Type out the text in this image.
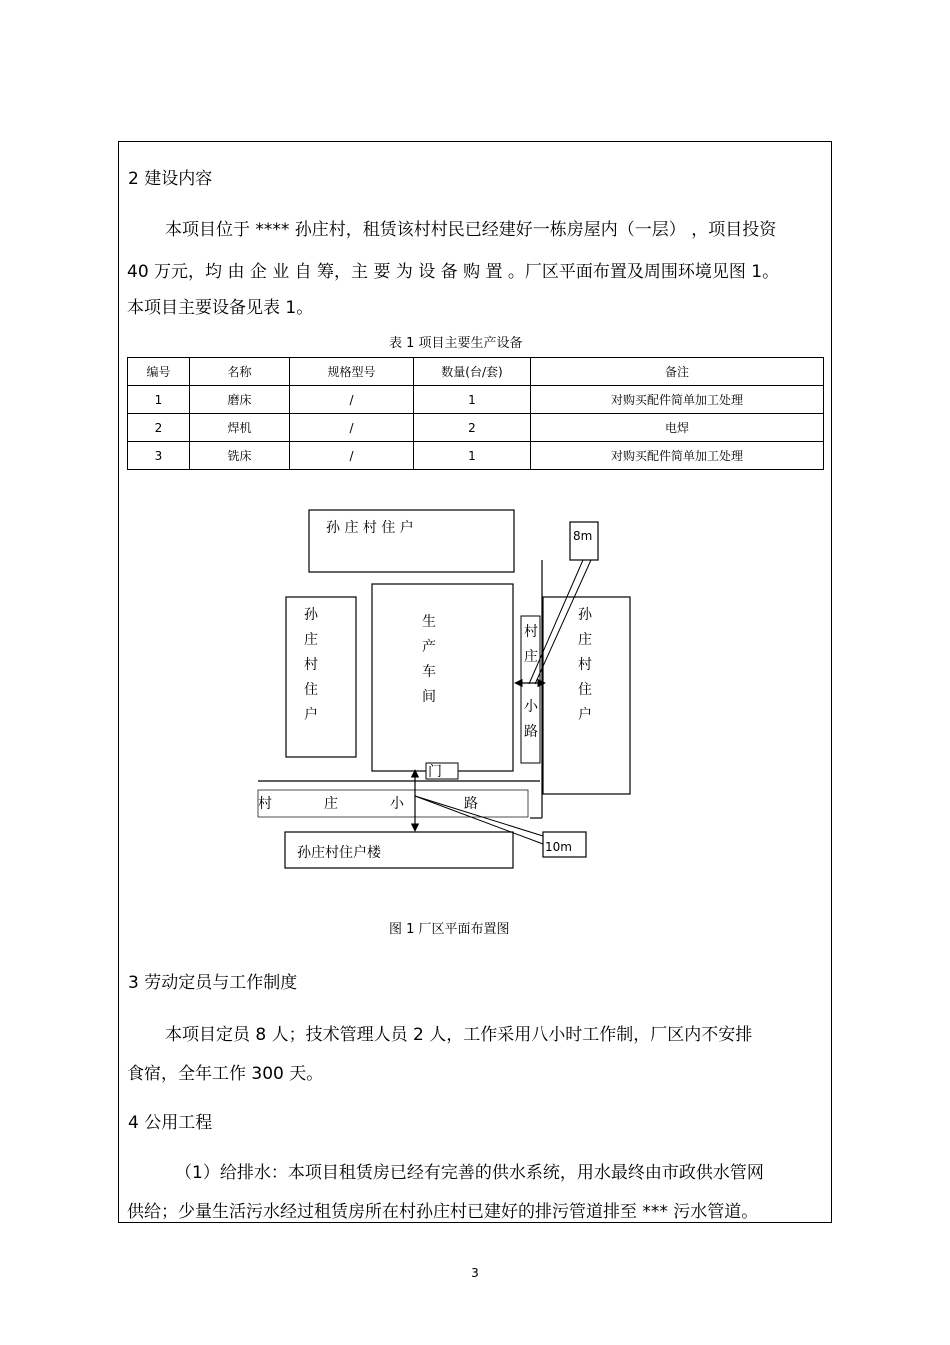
2 建设内容
本项目位于 **** 孙庄村，租赁该村村民已经建好一栋房屋内（一层） ，项目投资
40 万元，均 由 企 业 自 筹，主 要 为 设 备 购 置 。厂区平面布置及周围环境见图 1。
本项目主要设备见表 1。
表 1 项目主要生产设备
编号	名称	规格型号	数量(台/套)	备注
1	磨床	/	1	对购买配件简单加工处理
2	焊机	/	2	电焊
3	铣床	/	1	对购买配件简单加工处理
孙 庄 村 住 户	8m
孙
庄
村
住
户
生
产
车
间
门
村
庄
小
路
孙
庄
村
住
户
村	庄	小	路
10m
孙庄村住户楼
图 1 厂区平面布置图
3 劳动定员与工作制度
本项目定员 8 人；技术管理人员 2 人，工作采用八小时工作制，厂区内不安排
食宿，全年工作 300 天。
4 公用工程
（1）给排水：本项目租赁房已经有完善的供水系统，用水最终由市政供水管网
供给；少量生活污水经过租赁房所在村孙庄村已建好的排污管道排至 *** 污水管道。
3
